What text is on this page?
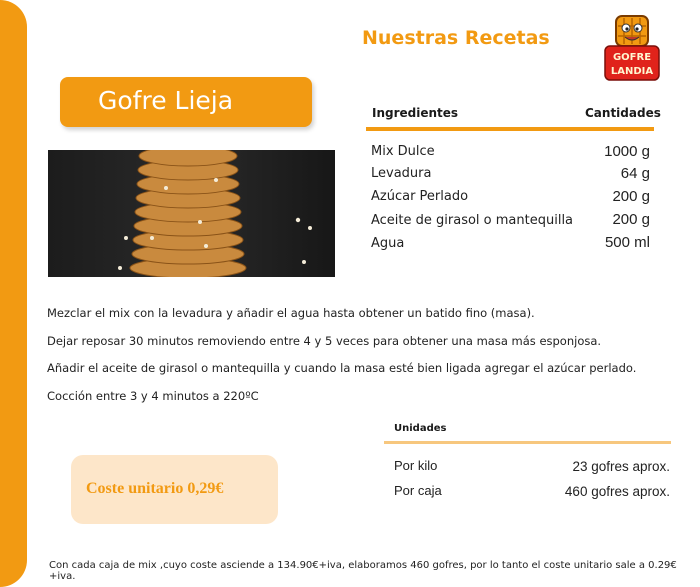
Nuestras Recetas
GOFRE
LANDIA
Gofre Lieja	Ingredientes	Cantidades
Mix Dulce	1000 g
Levadura	64 g
Azúcar Perlado	200 g
Aceite de girasol o mantequilla	200 g
Agua	500 ml
Mezclar el mix con la levadura y añadir el agua hasta obtener un batido fino (masa).
Dejar reposar 30 minutos removiendo entre 4 y 5 veces para obtener una masa más esponjosa.
Añadir el aceite de girasol o mantequilla y cuando la masa esté bien ligada agregar el azúcar perlado.
Cocción entre 3 y 4 minutos a 220ºC
Coste unitario 0,29€
Unidades
Por kilo	23 gofres aprox.
Por caja	460 gofres aprox.
Con cada caja de mix ,cuyo coste asciende a 134.90€+iva, elaboramos 460 gofres, por lo tanto el coste unitario sale a 0.29€+iva.
